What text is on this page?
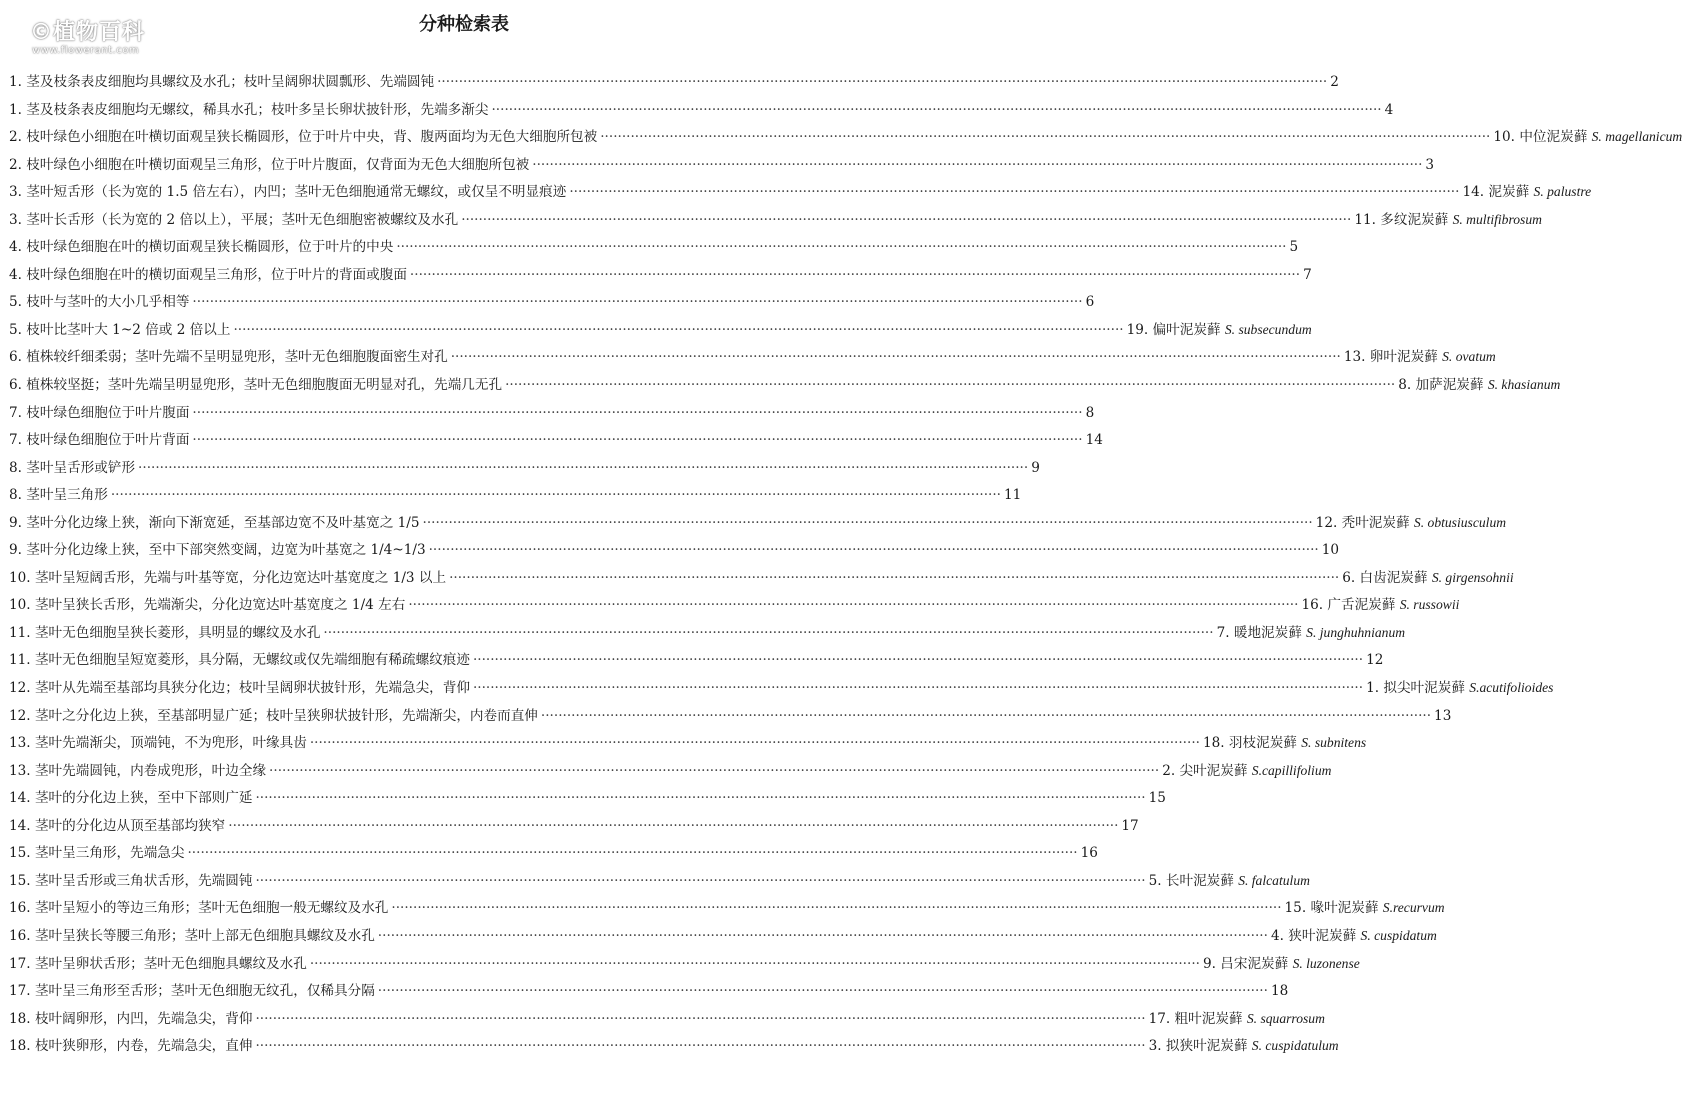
©植物百科
www.flowerant.com
分种检索表
1. 茎及枝条表皮细胞均具螺纹及水孔；枝叶呈阔卵状圆瓢形、先端圆钝 ·····	2
1. 茎及枝条表皮细胞均无螺纹，稀具水孔；枝叶多呈长卵状披针形，先端多渐尖 ·····	4
2. 枝叶绿色小细胞在叶横切面观呈狭长椭圆形，位于叶片中央，背、腹两面均为无色大细胞所包被 ·····	10. 中位泥炭藓 S. magellanicum
2. 枝叶绿色小细胞在叶横切面观呈三角形，位于叶片腹面，仅背面为无色大细胞所包被 ·····	3
3. 茎叶短舌形（长为宽的 1.5 倍左右），内凹；茎叶无色细胞通常无螺纹，或仅呈不明显痕迹 ·····	14. 泥炭藓 S. palustre
3. 茎叶长舌形（长为宽的 2 倍以上），平展；茎叶无色细胞密被螺纹及水孔 ·····	11. 多纹泥炭藓 S. multifibrosum
4. 枝叶绿色细胞在叶的横切面观呈狭长椭圆形，位于叶片的中央 ·····	5
4. 枝叶绿色细胞在叶的横切面观呈三角形，位于叶片的背面或腹面 ·····	7
5. 枝叶与茎叶的大小几乎相等 ·····	6
5. 枝叶比茎叶大 1~2 倍或 2 倍以上 ·····	19. 偏叶泥炭藓 S. subsecundum
6. 植株较纤细柔弱；茎叶先端不呈明显兜形，茎叶无色细胞腹面密生对孔 ·····	13. 卵叶泥炭藓 S. ovatum
6. 植株较坚挺；茎叶先端呈明显兜形，茎叶无色细胞腹面无明显对孔，先端几无孔 ·····	8. 加萨泥炭藓 S. khasianum
7. 枝叶绿色细胞位于叶片腹面 ·····	8
7. 枝叶绿色细胞位于叶片背面 ·····	14
8. 茎叶呈舌形或铲形 ·····	9
8. 茎叶呈三角形 ·····	11
9. 茎叶分化边缘上狭，渐向下渐宽延，至基部边宽不及叶基宽之 1/5 ·····	12. 秃叶泥炭藓 S. obtusiusculum
9. 茎叶分化边缘上狭，至中下部突然变阔，边宽为叶基宽之 1/4~1/3 ·····	10
10. 茎叶呈短阔舌形，先端与叶基等宽，分化边宽达叶基宽度之 1/3 以上 ·····	6. 白齿泥炭藓 S. girgensohnii
10. 茎叶呈狭长舌形，先端渐尖，分化边宽达叶基宽度之 1/4 左右 ·····	16. 广舌泥炭藓 S. russowii
11. 茎叶无色细胞呈狭长菱形，具明显的螺纹及水孔 ·····	7. 暖地泥炭藓 S. junghuhnianum
11. 茎叶无色细胞呈短宽菱形，具分隔，无螺纹或仅先端细胞有稀疏螺纹痕迹 ·····	12
12. 茎叶从先端至基部均具狭分化边；枝叶呈阔卵状披针形，先端急尖，背仰 ·····	1. 拟尖叶泥炭藓 S.acutifolioides
12. 茎叶之分化边上狭，至基部明显广延；枝叶呈狭卵状披针形，先端渐尖，内卷而直伸 ·····	13
13. 茎叶先端渐尖，顶端钝，不为兜形，叶缘具齿 ·····	18. 羽枝泥炭藓 S. subnitens
13. 茎叶先端圆钝，内卷成兜形，叶边全缘 ·····	2. 尖叶泥炭藓 S.capillifolium
14. 茎叶的分化边上狭，至中下部则广延 ·····	15
14. 茎叶的分化边从顶至基部均狭窄 ·····	17
15. 茎叶呈三角形，先端急尖 ·····	16
15. 茎叶呈舌形或三角状舌形，先端圆钝 ·····	5. 长叶泥炭藓 S. falcatulum
16. 茎叶呈短小的等边三角形；茎叶无色细胞一般无螺纹及水孔 ·····	15. 喙叶泥炭藓 S.recurvum
16. 茎叶呈狭长等腰三角形；茎叶上部无色细胞具螺纹及水孔 ·····	4. 狭叶泥炭藓 S. cuspidatum
17. 茎叶呈卵状舌形；茎叶无色细胞具螺纹及水孔 ·····	9. 吕宋泥炭藓 S. luzonense
17. 茎叶呈三角形至舌形；茎叶无色细胞无纹孔，仅稀具分隔 ·····	18
18. 枝叶阔卵形，内凹，先端急尖，背仰 ·····	17. 粗叶泥炭藓 S. squarrosum
18. 枝叶狭卵形，内卷，先端急尖，直伸 ·····	3. 拟狭叶泥炭藓 S. cuspidatulum
